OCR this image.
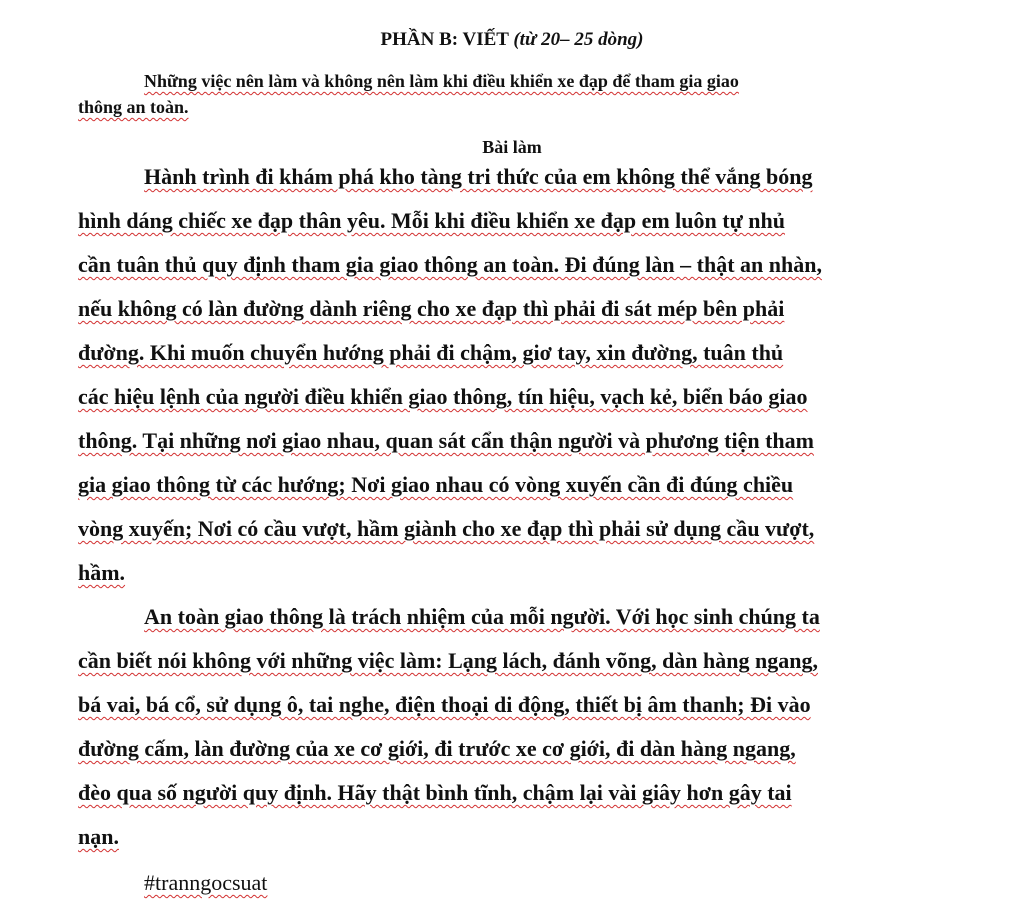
PHẦN B: VIẾT (từ 20– 25 dòng)
Những việc nên làm và không nên làm khi điều khiển xe đạp để tham gia giao
thông an toàn.
Bài làm
Hành trình đi khám phá kho tàng tri thức của em không thể vắng bóng
hình dáng chiếc xe đạp thân yêu. Mỗi khi điều khiển xe đạp em luôn tự nhủ
cần tuân thủ quy định tham gia giao thông an toàn. Đi đúng làn – thật an nhàn,
nếu không có làn đường dành riêng cho xe đạp thì phải đi sát mép bên phải
đường. Khi muốn chuyển hướng phải đi chậm, giơ tay, xin đường, tuân thủ
các hiệu lệnh của người điều khiển giao thông, tín hiệu, vạch kẻ, biển báo giao
thông. Tại những nơi giao nhau, quan sát cẩn thận người và phương tiện tham
gia giao thông từ các hướng; Nơi giao nhau có vòng xuyến cần đi đúng chiều
vòng xuyến; Nơi có cầu vượt, hầm giành cho xe đạp thì phải sử dụng cầu vượt,
hầm.
An toàn giao thông là trách nhiệm của mỗi người. Với học sinh chúng ta
cần biết nói không với những việc làm: Lạng lách, đánh võng, dàn hàng ngang,
bá vai, bá cổ, sử dụng ô, tai nghe, điện thoại di động, thiết bị âm thanh; Đi vào
đường cấm, làn đường của xe cơ giới, đi trước xe cơ giới, đi dàn hàng ngang,
đèo qua số người quy định. Hãy thật bình tĩnh, chậm lại vài giây hơn gây tai
nạn.
#tranngocsuat
